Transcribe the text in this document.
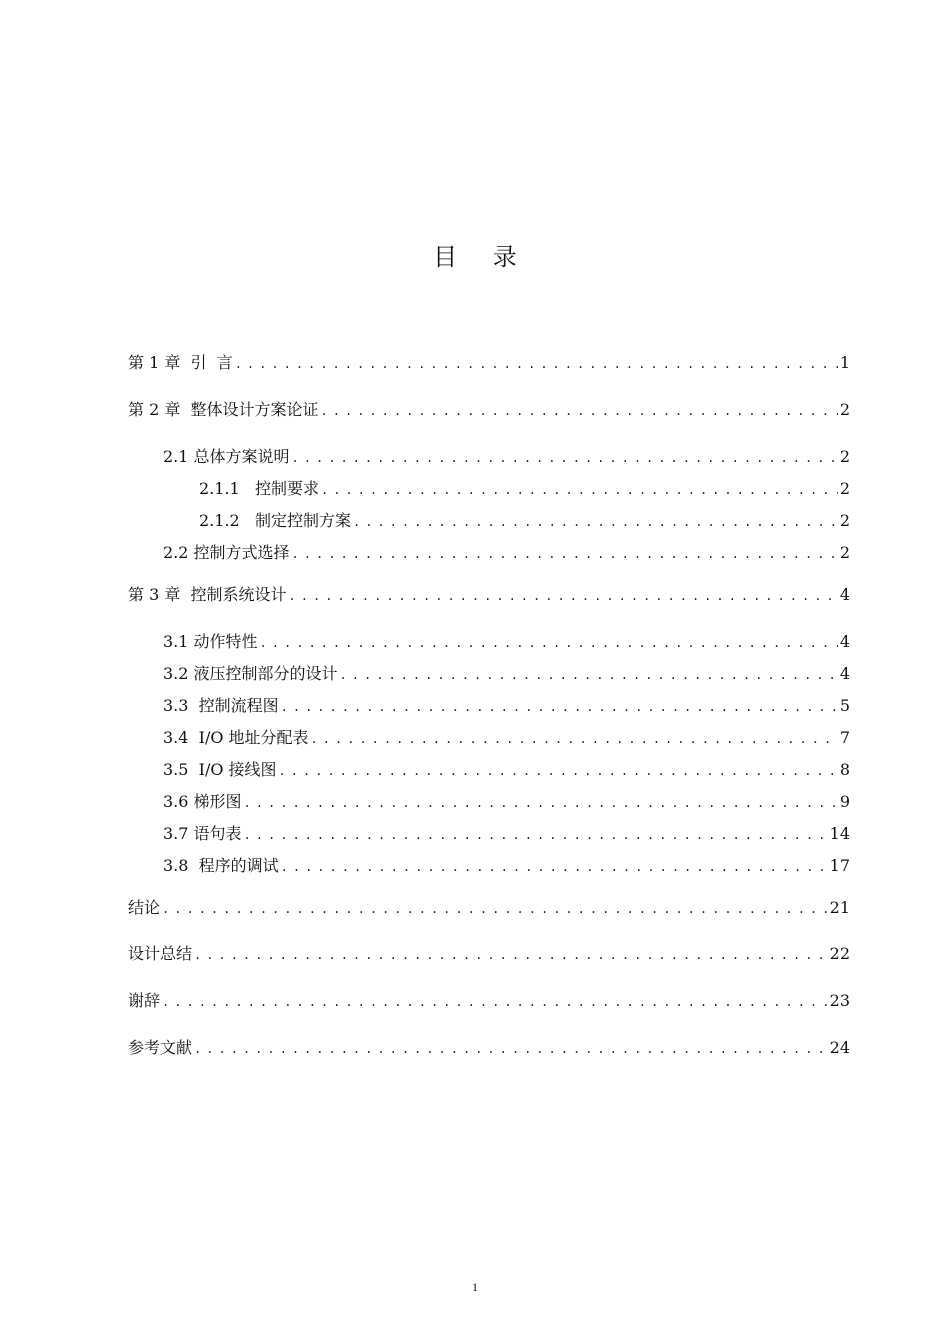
目 录
第 1 章  引  言 .....	1
第 2 章  整体设计方案论证 .....	2
2.1 总体方案说明 .....	2
2.1.1   控制要求 .....	2
2.1.2   制定控制方案 .....	2
2.2 控制方式选择 .....	2
第 3 章  控制系统设计 .....	4
3.1 动作特性 .....	4
3.2 液压控制部分的设计 .....	4
3.3  控制流程图 .....	5
3.4  I/O 地址分配表 .....	7
3.5  I/O 接线图 .....	8
3.6 梯形图 .....	9
3.7 语句表 .....	14
3.8  程序的调试 .....	17
结论 .....	21
设计总结 .....	22
谢辞 .....	23
参考文献 .....	24
1
